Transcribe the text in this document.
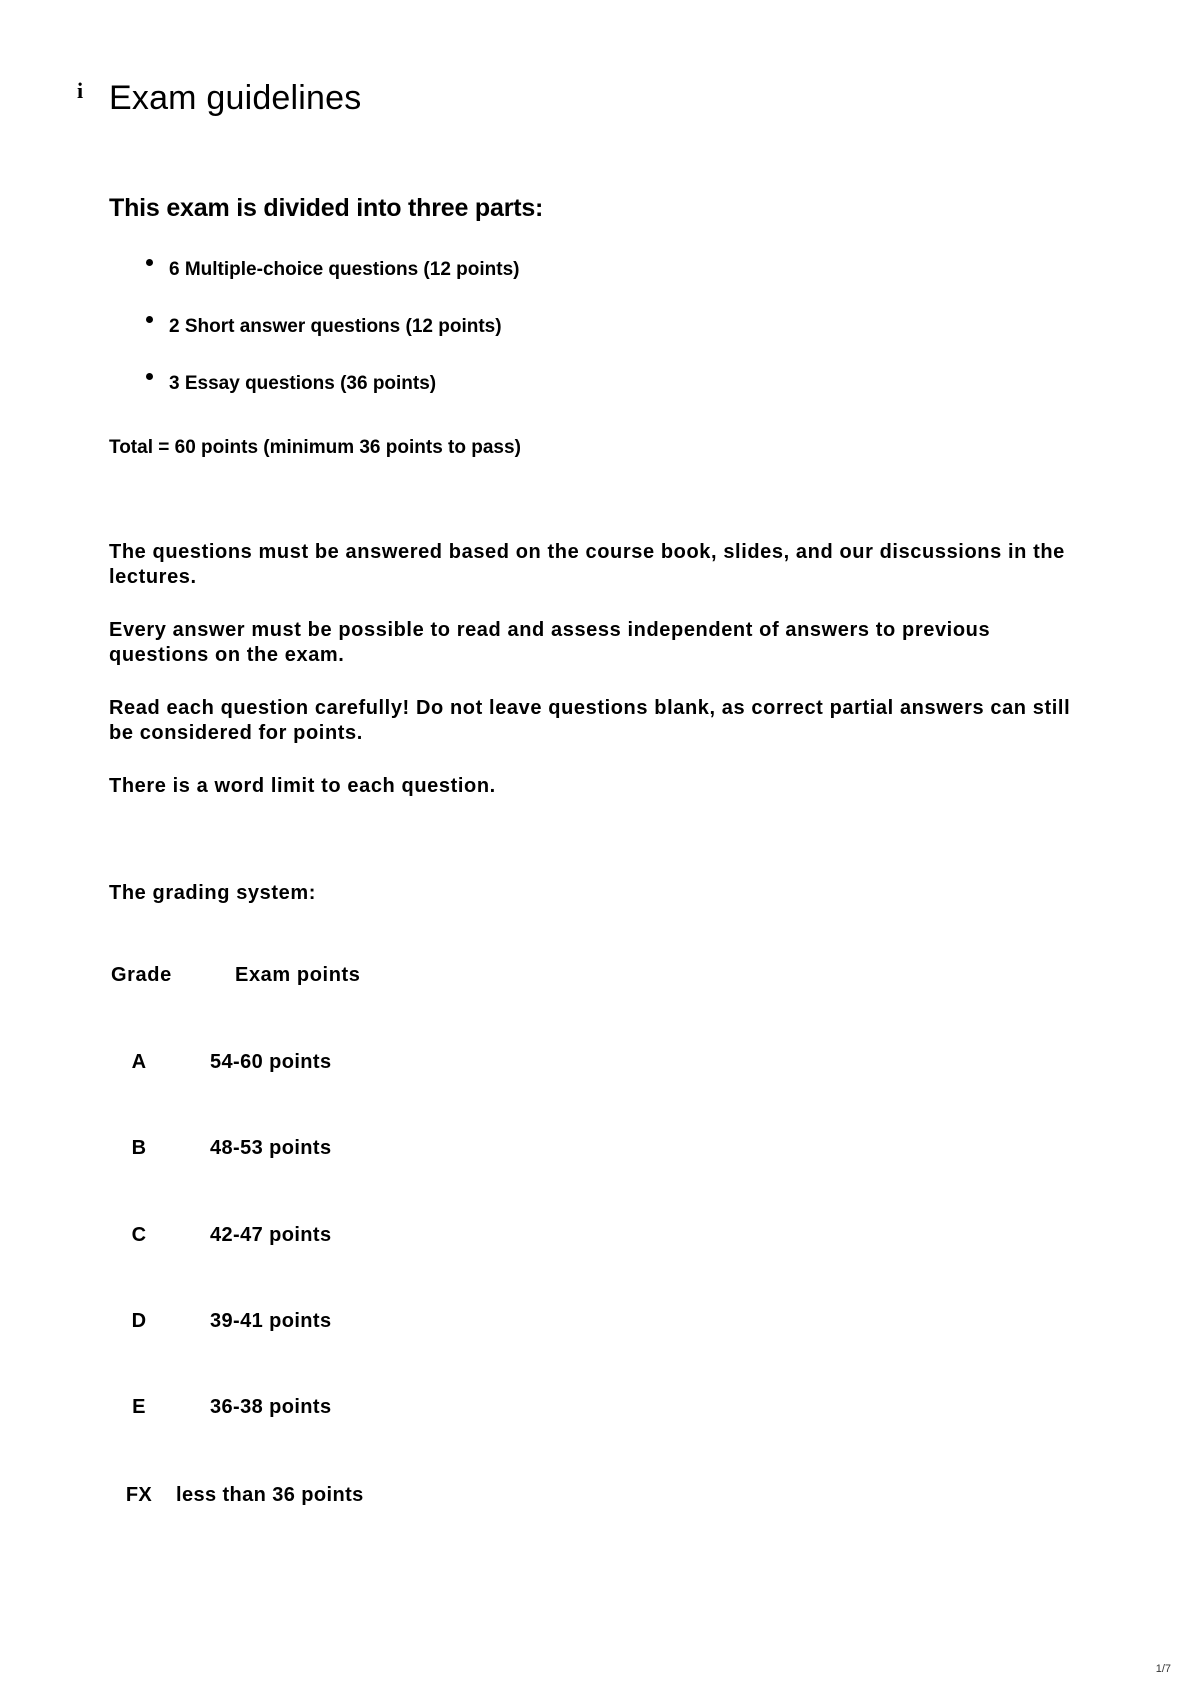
i Exam guidelines
This exam is divided into three parts:
6 Multiple-choice questions (12 points)
2 Short answer questions (12 points)
3 Essay questions (36 points)

Total = 60 points (minimum 36 points to pass)

The questions must be answered based on the course book, slides, and our discussions in the lectures.

Every answer must be possible to read and assess independent of answers to previous questions on the exam.

Read each question carefully! Do not leave questions blank, as correct partial answers can still be considered for points.

There is a word limit to each question.

The grading system:

Grade	Exam points
A	54-60 points
B	48-53 points
C	42-47 points
D	39-41 points
E	36-38 points
FX	less than 36 points
1/7
